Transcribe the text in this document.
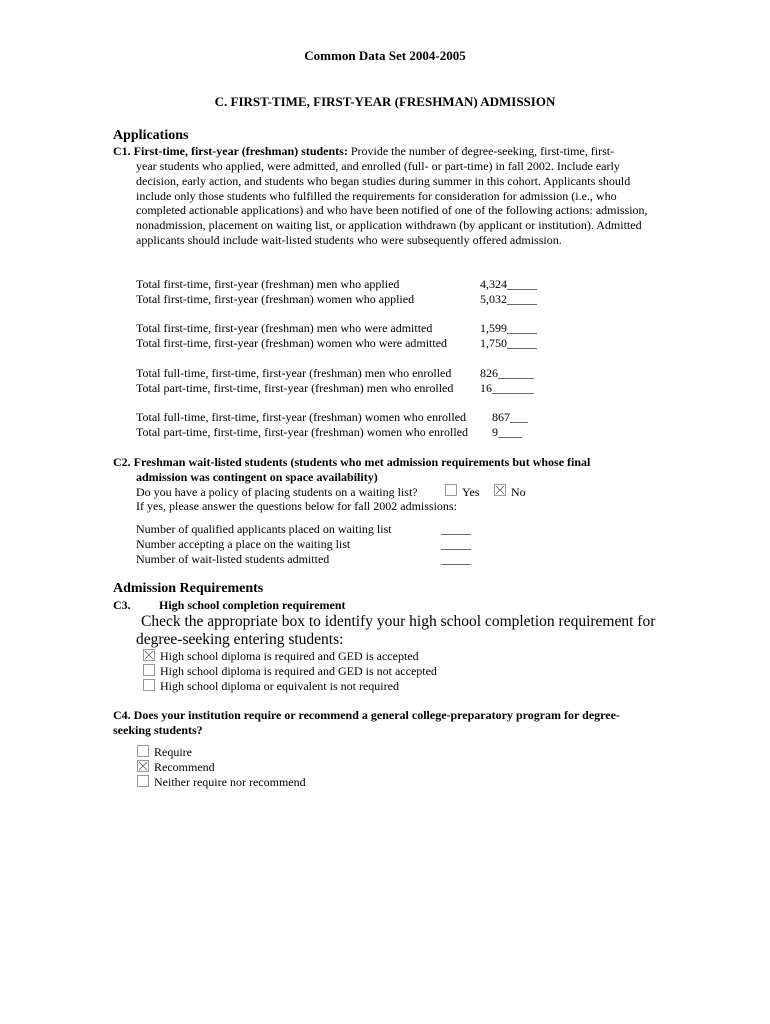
Common Data Set 2004-2005
C. FIRST-TIME, FIRST-YEAR (FRESHMAN) ADMISSION
Applications
C1. First-time, first-year (freshman) students: Provide the number of degree-seeking, first-time, first-
year students who applied, were admitted, and enrolled (full- or part-time) in fall 2002. Include early decision, early action, and students who began studies during summer in this cohort. Applicants should include only those students who fulfilled the requirements for consideration for admission (i.e., who completed actionable applications) and who have been notified of one of the following actions: admission, nonadmission, placement on waiting list, or application withdrawn (by applicant or institution). Admitted applicants should include wait-listed students who were subsequently offered admission.
Total first-time, first-year (freshman) men who applied	4,324_____
Total first-time, first-year (freshman) women who applied	5,032_____
Total first-time, first-year (freshman) men who were admitted	1,599_____
Total first-time, first-year (freshman) women who were admitted	1,750_____
Total full-time, first-time, first-year (freshman) men who enrolled 826______
Total part-time, first-time, first-year (freshman) men who enrolled 16_______
Total full-time, first-time, first-year (freshman) women who enrolled 867___
Total part-time, first-time, first-year (freshman) women who enrolled 9____
C2. Freshman wait-listed students (students who met admission requirements but whose final
admission was contingent on space availability)
Do you have a policy of placing students on a waiting list?	Yes	No
If yes, please answer the questions below for fall 2002 admissions:
Number of qualified applicants placed on waiting list	_____
Number accepting a place on the waiting list	_____
Number of wait-listed students admitted	_____
Admission Requirements
C3. High school completion requirement
Check the appropriate box to identify your high school completion requirement for
degree-seeking entering students:
High school diploma is required and GED is accepted
High school diploma is required and GED is not accepted
High school diploma or equivalent is not required
C4. Does your institution require or recommend a general college-preparatory program for degree-
seeking students?
Require
Recommend
Neither require nor recommend
